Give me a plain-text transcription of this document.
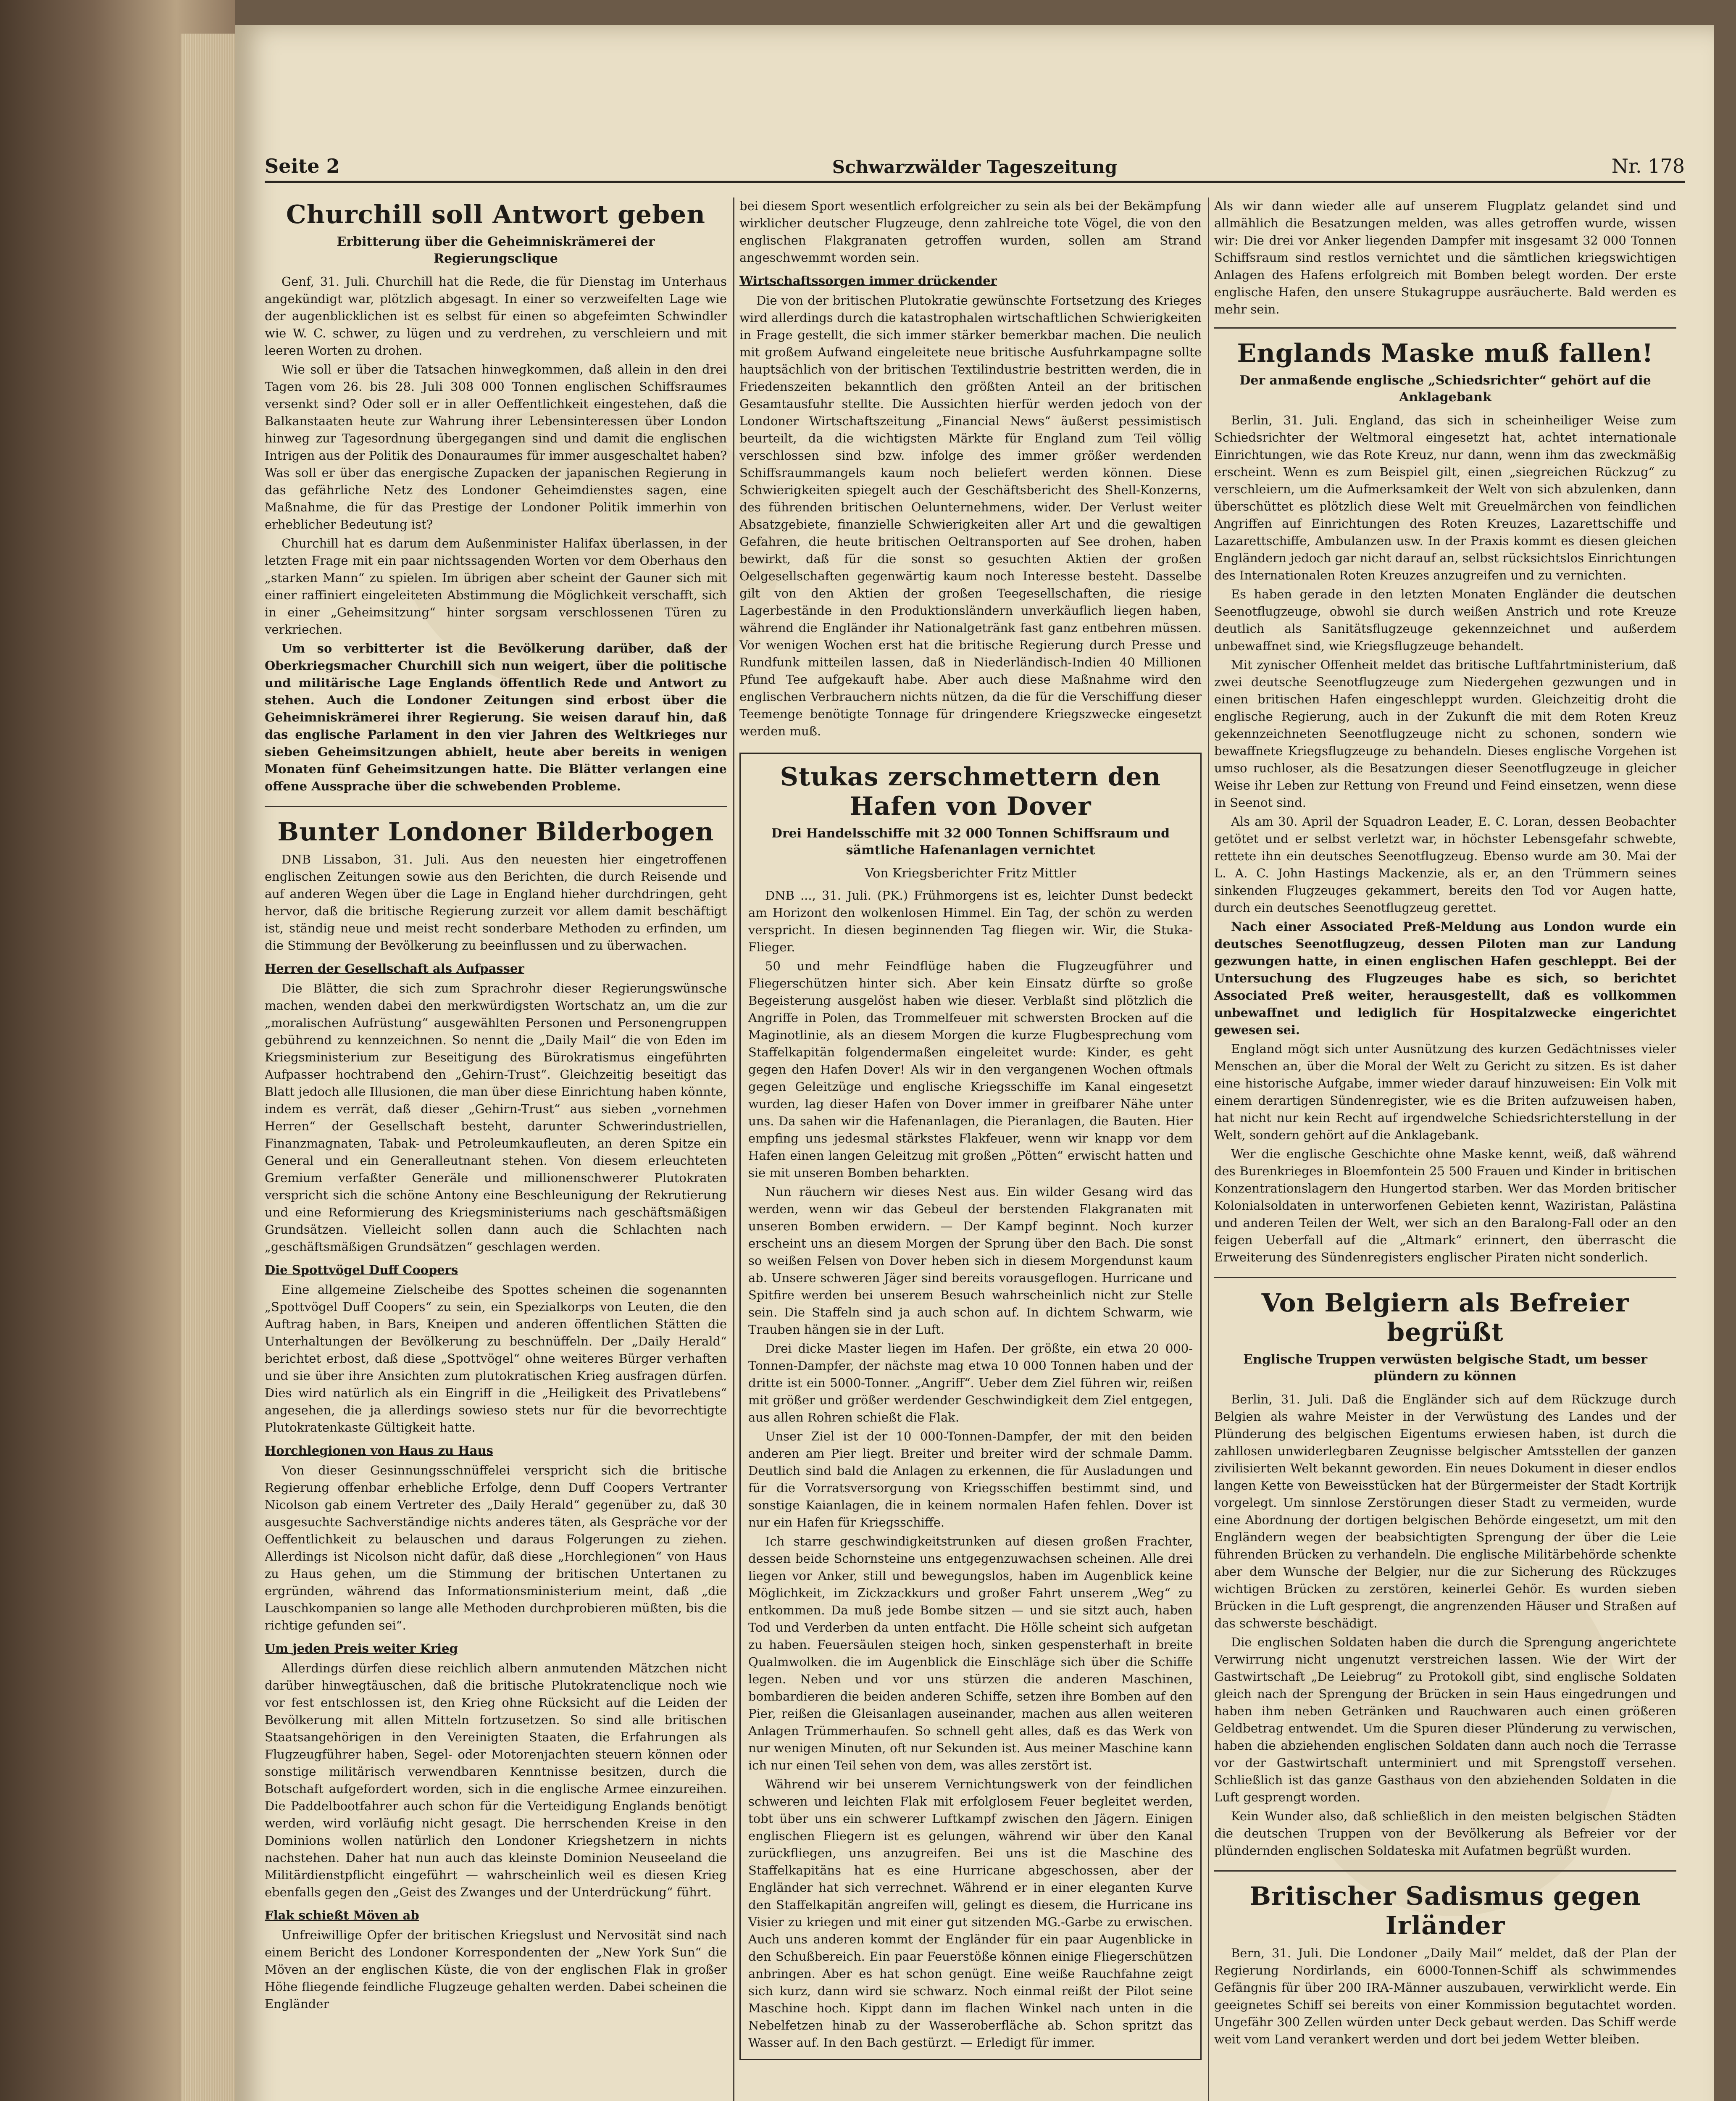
Seite 2	Schwarzwälder Tageszeitung	Nr. 178
Churchill soll Antwort geben
Erbitterung über die Geheimniskrämerei der Regierungsclique

Genf, 31. Juli. Churchill hat die Rede, die für Dienstag im Unterhaus angekündigt war, plötzlich abgesagt. In einer so verzweifelten Lage wie der augenblicklichen ist es selbst für einen so abgefeimten Schwindler wie W. C. schwer, zu lügen und zu verdrehen, zu verschleiern und mit leeren Worten zu drohen.

Wie soll er über die Tatsachen hinwegkommen, daß allein in den drei Tagen vom 26. bis 28. Juli 308 000 Tonnen englischen Schiffsraumes versenkt sind? Oder soll er in aller Oeffentlichkeit eingestehen, daß die Balkanstaaten heute zur Wahrung ihrer Lebensinteressen über London hinweg zur Tagesordnung übergegangen sind und damit die englischen Intrigen aus der Politik des Donauraumes für immer ausgeschaltet haben? Was soll er über das energische Zupacken der japanischen Regierung in das gefährliche Netz des Londoner Geheimdienstes sagen, eine Maßnahme, die für das Prestige der Londoner Politik immerhin von erheblicher Bedeutung ist?

Churchill hat es darum dem Außenminister Halifax überlassen, in der letzten Frage mit ein paar nichtssagenden Worten vor dem Oberhaus den „starken Mann“ zu spielen. Im übrigen aber scheint der Gauner sich mit einer raffiniert eingeleiteten Abstimmung die Möglichkeit verschafft, sich in einer „Geheimsitzung“ hinter sorgsam verschlossenen Türen zu verkriechen.

Um so verbitterter ist die Bevölkerung darüber, daß der Oberkriegsmacher Churchill sich nun weigert, über die politische und militärische Lage Englands öffentlich Rede und Antwort zu stehen. Auch die Londoner Zeitungen sind erbost über die Geheimniskrämerei ihrer Regierung. Sie weisen darauf hin, daß das englische Parlament in den vier Jahren des Weltkrieges nur sieben Geheimsitzungen abhielt, heute aber bereits in wenigen Monaten fünf Geheimsitzungen hatte. Die Blätter verlangen eine offene Aussprache über die schwebenden Probleme.

Bunter Londoner Bilderbogen

DNB Lissabon, 31. Juli. Aus den neuesten hier eingetroffenen englischen Zeitungen sowie aus den Berichten, die durch Reisende und auf anderen Wegen über die Lage in England hieher durchdringen, geht hervor, daß die britische Regierung zurzeit vor allem damit beschäftigt ist, ständig neue und meist recht sonderbare Methoden zu erfinden, um die Stimmung der Bevölkerung zu beeinflussen und zu überwachen.

Herren der Gesellschaft als Aufpasser

Die Blätter, die sich zum Sprachrohr dieser Regierungswünsche machen, wenden dabei den merkwürdigsten Wortschatz an, um die zur „moralischen Aufrüstung“ ausgewählten Personen und Personengruppen gebührend zu kennzeichnen. So nennt die „Daily Mail“ die von Eden im Kriegsministerium zur Beseitigung des Bürokratismus eingeführten Aufpasser hochtrabend den „Gehirn-Trust“. Gleichzeitig beseitigt das Blatt jedoch alle Illusionen, die man über diese Einrichtung haben könnte, indem es verrät, daß dieser „Gehirn-Trust“ aus sieben „vornehmen Herren“ der Gesellschaft besteht, darunter Schwerindustriellen, Finanzmagnaten, Tabak- und Petroleumkaufleuten, an deren Spitze ein General und ein Generalleutnant stehen. Von diesem erleuchteten Gremium verfaßter Generäle und millionenschwerer Plutokraten verspricht sich die schöne Antony eine Beschleunigung der Rekrutierung und eine Reformierung des Kriegsministeriums nach geschäftsmäßigen Grundsätzen. Vielleicht sollen dann auch die Schlachten nach „geschäftsmäßigen Grundsätzen“ geschlagen werden.

Die Spottvögel Duff Coopers

Eine allgemeine Zielscheibe des Spottes scheinen die sogenannten „Spottvögel Duff Coopers“ zu sein, ein Spezialkorps von Leuten, die den Auftrag haben, in Bars, Kneipen und anderen öffentlichen Stätten die Unterhaltungen der Bevölkerung zu beschnüffeln. Der „Daily Herald“ berichtet erbost, daß diese „Spottvögel“ ohne weiteres Bürger verhaften und sie über ihre Ansichten zum plutokratischen Krieg ausfragen dürfen. Dies wird natürlich als ein Eingriff in die „Heiligkeit des Privatlebens“ angesehen, die ja allerdings sowieso stets nur für die bevorrechtigte Plutokratenkaste Gültigkeit hatte.

Horchlegionen von Haus zu Haus

Von dieser Gesinnungsschnüffelei verspricht sich die britische Regierung offenbar erhebliche Erfolge, denn Duff Coopers Vertranter Nicolson gab einem Vertreter des „Daily Herald“ gegenüber zu, daß 30 ausgesuchte Sachverständige nichts anderes täten, als Gespräche vor der Oeffentlichkeit zu belauschen und daraus Folgerungen zu ziehen. Allerdings ist Nicolson nicht dafür, daß diese „Horchlegionen“ von Haus zu Haus gehen, um die Stimmung der britischen Untertanen zu ergründen, während das Informationsministerium meint, daß „die Lauschkompanien so lange alle Methoden durchprobieren müßten, bis die richtige gefunden sei“.

Um jeden Preis weiter Krieg

Allerdings dürfen diese reichlich albern anmutenden Mätzchen nicht darüber hinwegtäuschen, daß die britische Plutokratenclique noch wie vor fest entschlossen ist, den Krieg ohne Rücksicht auf die Leiden der Bevölkerung mit allen Mitteln fortzusetzen. So sind alle britischen Staatsangehörigen in den Vereinigten Staaten, die Erfahrungen als Flugzeugführer haben, Segel- oder Motorenjachten steuern können oder sonstige militärisch verwendbaren Kenntnisse besitzen, durch die Botschaft aufgefordert worden, sich in die englische Armee einzureihen. Die Paddelbootfahrer auch schon für die Verteidigung Englands benötigt werden, wird vorläufig nicht gesagt. Die herrschenden Kreise in den Dominions wollen natürlich den Londoner Kriegshetzern in nichts nachstehen. Daher hat nun auch das kleinste Dominion Neuseeland die Militärdienstpflicht eingeführt — wahrscheinlich weil es diesen Krieg ebenfalls gegen den „Geist des Zwanges und der Unterdrückung“ führt.

Flak schießt Möven ab

Unfreiwillige Opfer der britischen Kriegslust und Nervosität sind nach einem Bericht des Londoner Korrespondenten der „New York Sun“ die Möven an der englischen Küste, die von der englischen Flak in großer Höhe fliegende feindliche Flugzeuge gehalten werden. Dabei scheinen die Engländer

bei diesem Sport wesentlich erfolgreicher zu sein als bei der Bekämpfung wirklicher deutscher Flugzeuge, denn zahlreiche tote Vögel, die von den englischen Flakgranaten getroffen wurden, sollen am Strand angeschwemmt worden sein.

Wirtschaftssorgen immer drückender

Die von der britischen Plutokratie gewünschte Fortsetzung des Krieges wird allerdings durch die katastrophalen wirtschaftlichen Schwierigkeiten in Frage gestellt, die sich immer stärker bemerkbar machen. Die neulich mit großem Aufwand eingeleitete neue britische Ausfuhrkampagne sollte hauptsächlich von der britischen Textilindustrie bestritten werden, die in Friedenszeiten bekanntlich den größten Anteil an der britischen Gesamtausfuhr stellte. Die Aussichten hierfür werden jedoch von der Londoner Wirtschaftszeitung „Financial News“ äußerst pessimistisch beurteilt, da die wichtigsten Märkte für England zum Teil völlig verschlossen sind bzw. infolge des immer größer werdenden Schiffsraummangels kaum noch beliefert werden können. Diese Schwierigkeiten spiegelt auch der Geschäftsbericht des Shell-Konzerns, des führenden britischen Oelunternehmens, wider. Der Verlust weiter Absatzgebiete, finanzielle Schwierigkeiten aller Art und die gewaltigen Gefahren, die heute britischen Oeltransporten auf See drohen, haben bewirkt, daß für die sonst so gesuchten Aktien der großen Oelgesellschaften gegenwärtig kaum noch Interesse besteht. Dasselbe gilt von den Aktien der großen Teegesellschaften, die riesige Lagerbestände in den Produktionsländern unverkäuflich liegen haben, während die Engländer ihr Nationalgetränk fast ganz entbehren müssen. Vor wenigen Wochen erst hat die britische Regierung durch Presse und Rundfunk mitteilen lassen, daß in Niederländisch-Indien 40 Millionen Pfund Tee aufgekauft habe. Aber auch diese Maßnahme wird den englischen Verbrauchern nichts nützen, da die für die Verschiffung dieser Teemenge benötigte Tonnage für dringendere Kriegszwecke eingesetzt werden muß.

Stukas zerschmettern den Hafen von Dover
Drei Handelsschiffe mit 32 000 Tonnen Schiffsraum und sämtliche Hafenanlagen vernichtet
Von Kriegsberichter Fritz Mittler

DNB ..., 31. Juli. (PK.) Frühmorgens ist es, leichter Dunst bedeckt am Horizont den wolkenlosen Himmel. Ein Tag, der schön zu werden verspricht. In diesen beginnenden Tag fliegen wir. Wir, die Stuka-Flieger.

50 und mehr Feindflüge haben die Flugzeugführer und Fliegerschützen hinter sich. Aber kein Einsatz dürfte so große Begeisterung ausgelöst haben wie dieser. Verblaßt sind plötzlich die Angriffe in Polen, das Trommelfeuer mit schwersten Brocken auf die Maginotlinie, als an diesem Morgen die kurze Flugbesprechung vom Staffelkapitän folgendermaßen eingeleitet wurde: Kinder, es geht gegen den Hafen Dover! Als wir in den vergangenen Wochen oftmals gegen Geleitzüge und englische Kriegsschiffe im Kanal eingesetzt wurden, lag dieser Hafen von Dover immer in greifbarer Nähe unter uns. Da sahen wir die Hafenanlagen, die Pieranlagen, die Bauten. Hier empfing uns jedesmal stärkstes Flakfeuer, wenn wir knapp vor dem Hafen einen langen Geleitzug mit großen „Pötten“ erwischt hatten und sie mit unseren Bomben beharkten.

Nun räuchern wir dieses Nest aus. Ein wilder Gesang wird das werden, wenn wir das Gebeul der berstenden Flakgranaten mit unseren Bomben erwidern. — Der Kampf beginnt. Noch kurzer erscheint uns an diesem Morgen der Sprung über den Bach. Die sonst so weißen Felsen von Dover heben sich in diesem Morgendunst kaum ab. Unsere schweren Jäger sind bereits vorausgeflogen. Hurricane und Spitfire werden bei unserem Besuch wahrscheinlich nicht zur Stelle sein. Die Staffeln sind ja auch schon auf. In dichtem Schwarm, wie Trauben hängen sie in der Luft.

Drei dicke Master liegen im Hafen. Der größte, ein etwa 20 000-Tonnen-Dampfer, der nächste mag etwa 10 000 Tonnen haben und der dritte ist ein 5000-Tonner. „Angriff“. Ueber dem Ziel führen wir, reißen mit größer und größer werdender Geschwindigkeit dem Ziel entgegen, aus allen Rohren schießt die Flak.

Unser Ziel ist der 10 000-Tonnen-Dampfer, der mit den beiden anderen am Pier liegt. Breiter und breiter wird der schmale Damm. Deutlich sind bald die Anlagen zu erkennen, die für Ausladungen und für die Vorratsversorgung von Kriegsschiffen bestimmt sind, und sonstige Kaianlagen, die in keinem normalen Hafen fehlen. Dover ist nur ein Hafen für Kriegsschiffe.

Ich starre geschwindigkeitstrunken auf diesen großen Frachter, dessen beide Schornsteine uns entgegenzuwachsen scheinen. Alle drei liegen vor Anker, still und bewegungslos, haben im Augenblick keine Möglichkeit, im Zickzackkurs und großer Fahrt unserem „Weg“ zu entkommen. Da muß jede Bombe sitzen — und sie sitzt auch, haben Tod und Verderben da unten entfacht. Die Hölle scheint sich aufgetan zu haben. Feuersäulen steigen hoch, sinken gespensterhaft in breite Qualmwolken. die im Augenblick die Einschläge sich über die Schiffe legen. Neben und vor uns stürzen die anderen Maschinen, bombardieren die beiden anderen Schiffe, setzen ihre Bomben auf den Pier, reißen die Gleisanlagen auseinander, machen aus allen weiteren Anlagen Trümmerhaufen. So schnell geht alles, daß es das Werk von nur wenigen Minuten, oft nur Sekunden ist. Aus meiner Maschine kann ich nur einen Teil sehen von dem, was alles zerstört ist.

Während wir bei unserem Vernichtungswerk von der feindlichen schweren und leichten Flak mit erfolglosem Feuer begleitet werden, tobt über uns ein schwerer Luftkampf zwischen den Jägern. Einigen englischen Fliegern ist es gelungen, während wir über den Kanal zurückfliegen, uns anzugreifen. Bei uns ist die Maschine des Staffelkapitäns hat es eine Hurricane abgeschossen, aber der Engländer hat sich verrechnet. Während er in einer eleganten Kurve den Staffelkapitän angreifen will, gelingt es diesem, die Hurricane ins Visier zu kriegen und mit einer gut sitzenden MG.-Garbe zu erwischen. Auch uns anderen kommt der Engländer für ein paar Augenblicke in den Schußbereich. Ein paar Feuerstöße können einige Fliegerschützen anbringen. Aber es hat schon genügt. Eine weiße Rauchfahne zeigt sich kurz, dann wird sie schwarz. Noch einmal reißt der Pilot seine Maschine hoch. Kippt dann im flachen Winkel nach unten in die Nebelfetzen hinab zu der Wasseroberfläche ab. Schon spritzt das Wasser auf. In den Bach gestürzt. — Erledigt für immer.

Als wir dann wieder alle auf unserem Flugplatz gelandet sind und allmählich die Besatzungen melden, was alles getroffen wurde, wissen wir: Die drei vor Anker liegenden Dampfer mit insgesamt 32 000 Tonnen Schiffsraum sind restlos vernichtet und die sämtlichen kriegswichtigen Anlagen des Hafens erfolgreich mit Bomben belegt worden. Der erste englische Hafen, den unsere Stukagruppe ausräucherte. Bald werden es mehr sein.

Englands Maske muß fallen!
Der anmaßende englische „Schiedsrichter“ gehört auf die Anklagebank

Berlin, 31. Juli. England, das sich in scheinheiliger Weise zum Schiedsrichter der Weltmoral eingesetzt hat, achtet internationale Einrichtungen, wie das Rote Kreuz, nur dann, wenn ihm das zweckmäßig erscheint. Wenn es zum Beispiel gilt, einen „siegreichen Rückzug“ zu verschleiern, um die Aufmerksamkeit der Welt von sich abzulenken, dann überschüttet es plötzlich diese Welt mit Greuelmärchen von feindlichen Angriffen auf Einrichtungen des Roten Kreuzes, Lazarettschiffe und Lazarettschiffe, Ambulanzen usw. In der Praxis kommt es diesen gleichen Engländern jedoch gar nicht darauf an, selbst rücksichtslos Einrichtungen des Internationalen Roten Kreuzes anzugreifen und zu vernichten.

Es haben gerade in den letzten Monaten Engländer die deutschen Seenotflugzeuge, obwohl sie durch weißen Anstrich und rote Kreuze deutlich als Sanitätsflugzeuge gekennzeichnet und außerdem unbewaffnet sind, wie Kriegsflugzeuge behandelt.

Mit zynischer Offenheit meldet das britische Luftfahrtministerium, daß zwei deutsche Seenotflugzeuge zum Niedergehen gezwungen und in einen britischen Hafen eingeschleppt wurden. Gleichzeitig droht die englische Regierung, auch in der Zukunft die mit dem Roten Kreuz gekennzeichneten Seenotflugzeuge nicht zu schonen, sondern wie bewaffnete Kriegsflugzeuge zu behandeln. Dieses englische Vorgehen ist umso ruchloser, als die Besatzungen dieser Seenotflugzeuge in gleicher Weise ihr Leben zur Rettung von Freund und Feind einsetzen, wenn diese in Seenot sind.

Als am 30. April der Squadron Leader, E. C. Loran, dessen Beobachter getötet und er selbst verletzt war, in höchster Lebensgefahr schwebte, rettete ihn ein deutsches Seenotflugzeug. Ebenso wurde am 30. Mai der L. A. C. John Hastings Mackenzie, als er, an den Trümmern seines sinkenden Flugzeuges gekammert, bereits den Tod vor Augen hatte, durch ein deutsches Seenotflugzeug gerettet.

Nach einer Associated Preß-Meldung aus London wurde ein deutsches Seenotflugzeug, dessen Piloten man zur Landung gezwungen hatte, in einen englischen Hafen geschleppt. Bei der Untersuchung des Flugzeuges habe es sich, so berichtet Associated Preß weiter, herausgestellt, daß es vollkommen unbewaffnet und lediglich für Hospitalzwecke eingerichtet gewesen sei.

England mögt sich unter Ausnützung des kurzen Gedächtnisses vieler Menschen an, über die Moral der Welt zu Gericht zu sitzen. Es ist daher eine historische Aufgabe, immer wieder darauf hinzuweisen: Ein Volk mit einem derartigen Sündenregister, wie es die Briten aufzuweisen haben, hat nicht nur kein Recht auf irgendwelche Schiedsrichterstellung in der Welt, sondern gehört auf die Anklagebank.

Wer die englische Geschichte ohne Maske kennt, weiß, daß während des Burenkrieges in Bloemfontein 25 500 Frauen und Kinder in britischen Konzentrationslagern den Hungertod starben. Wer das Morden britischer Kolonialsoldaten in unterworfenen Gebieten kennt, Waziristan, Palästina und anderen Teilen der Welt, wer sich an den Baralong-Fall oder an den feigen Ueberfall auf die „Altmark“ erinnert, den überrascht die Erweiterung des Sündenregisters englischer Piraten nicht sonderlich.

Von Belgiern als Befreier begrüßt
Englische Truppen verwüsten belgische Stadt, um besser plündern zu können

Berlin, 31. Juli. Daß die Engländer sich auf dem Rückzuge durch Belgien als wahre Meister in der Verwüstung des Landes und der Plünderung des belgischen Eigentums erwiesen haben, ist durch die zahllosen unwiderlegbaren Zeugnisse belgischer Amtsstellen der ganzen zivilisierten Welt bekannt geworden. Ein neues Dokument in dieser endlos langen Kette von Beweisstücken hat der Bürgermeister der Stadt Kortrijk vorgelegt. Um sinnlose Zerstörungen dieser Stadt zu vermeiden, wurde eine Abordnung der dortigen belgischen Behörde eingesetzt, um mit den Engländern wegen der beabsichtigten Sprengung der über die Leie führenden Brücken zu verhandeln. Die englische Militärbehörde schenkte aber dem Wunsche der Belgier, nur die zur Sicherung des Rückzuges wichtigen Brücken zu zerstören, keinerlei Gehör. Es wurden sieben Brücken in die Luft gesprengt, die angrenzenden Häuser und Straßen auf das schwerste beschädigt.

Die englischen Soldaten haben die durch die Sprengung angerichtete Verwirrung nicht ungenutzt verstreichen lassen. Wie der Wirt der Gastwirtschaft „De Leiebrug“ zu Protokoll gibt, sind englische Soldaten gleich nach der Sprengung der Brücken in sein Haus eingedrungen und haben ihm neben Getränken und Rauchwaren auch einen größeren Geldbetrag entwendet. Um die Spuren dieser Plünderung zu verwischen, haben die abziehenden englischen Soldaten dann auch noch die Terrasse vor der Gastwirtschaft unterminiert und mit Sprengstoff versehen. Schließlich ist das ganze Gasthaus von den abziehenden Soldaten in die Luft gesprengt worden.

Kein Wunder also, daß schließlich in den meisten belgischen Städten die deutschen Truppen von der Bevölkerung als Befreier vor der plündernden englischen Soldateska mit Aufatmen begrüßt wurden.

Britischer Sadismus gegen Irländer

Bern, 31. Juli. Die Londoner „Daily Mail“ meldet, daß der Plan der Regierung Nordirlands, ein 6000-Tonnen-Schiff als schwimmendes Gefängnis für über 200 IRA-Männer auszubauen, verwirklicht werde. Ein geeignetes Schiff sei bereits von einer Kommission begutachtet worden. Ungefähr 300 Zellen würden unter Deck gebaut werden. Das Schiff werde weit vom Land verankert werden und dort bei jedem Wetter bleiben.
